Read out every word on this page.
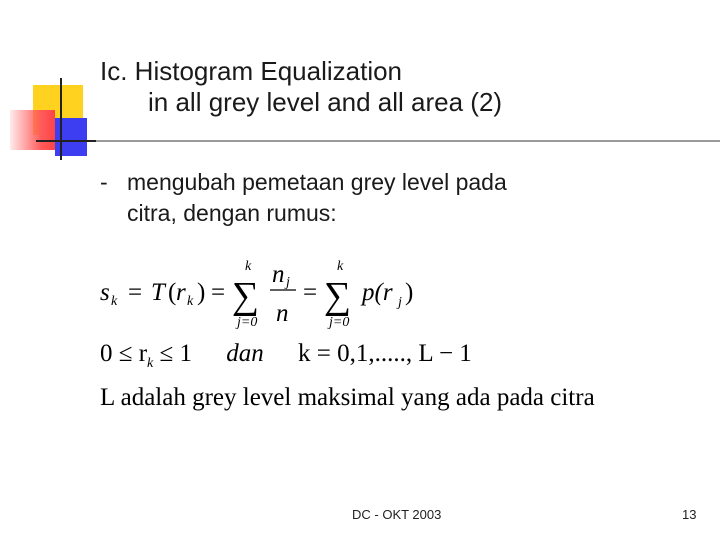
Ic. Histogram Equalization
in all grey level and all area (2)
- mengubah pemetaan grey level pada
citra, dengan rumus:
s k = T ( r k ) =
k
∑
j=0
n j
n
=
k
∑
j=0
p(r j )
$0 \le r_k \le 1$ dan k = 0,1,....., L − 1
L adalah grey level maksimal yang ada pada citra
DC - OKT 2003	13
